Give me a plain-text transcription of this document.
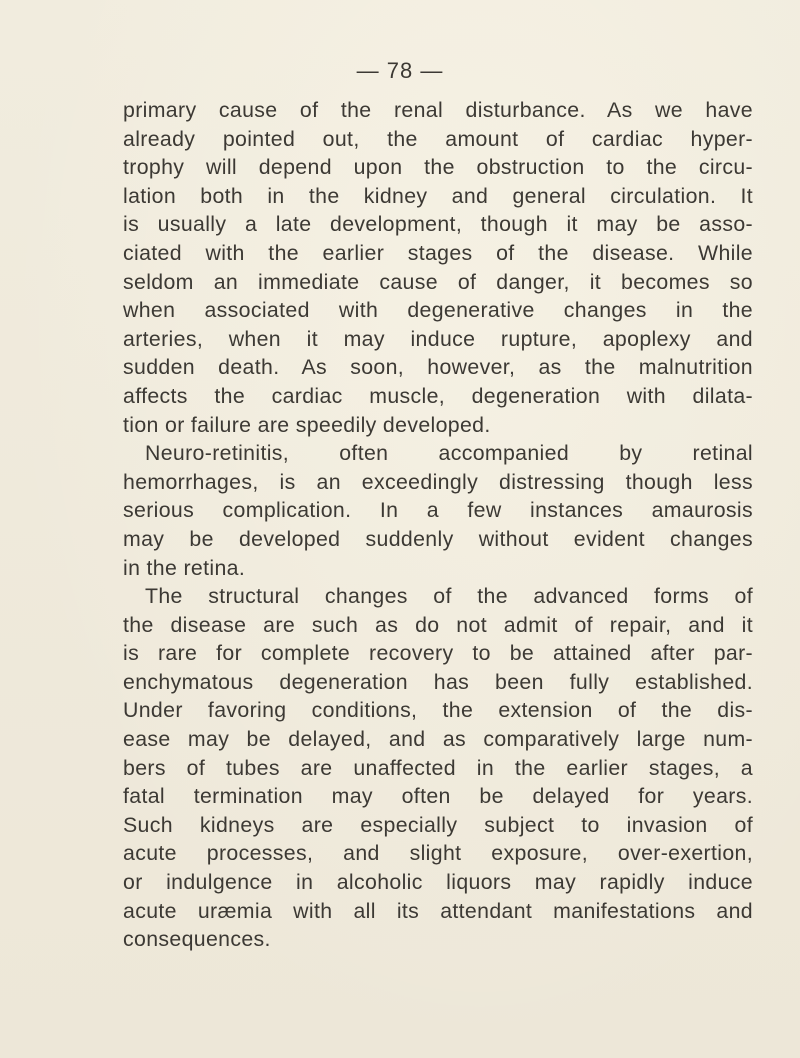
— 78 —
primary cause of the renal disturbance. As we have
already pointed out, the amount of cardiac hyper-
trophy will depend upon the obstruction to the circu-
lation both in the kidney and general circulation. It
is usually a late development, though it may be asso-
ciated with the earlier stages of the disease. While
seldom an immediate cause of danger, it becomes so
when associated with degenerative changes in the
arteries, when it may induce rupture, apoplexy and
sudden death. As soon, however, as the malnutrition
affects the cardiac muscle, degeneration with dilata-
tion or failure are speedily developed.
Neuro-retinitis, often accompanied by retinal
hemorrhages, is an exceedingly distressing though less
serious complication. In a few instances amaurosis
may be developed suddenly without evident changes
in the retina.
The structural changes of the advanced forms of
the disease are such as do not admit of repair, and it
is rare for complete recovery to be attained after par-
enchymatous degeneration has been fully established.
Under favoring conditions, the extension of the dis-
ease may be delayed, and as comparatively large num-
bers of tubes are unaffected in the earlier stages, a
fatal termination may often be delayed for years.
Such kidneys are especially subject to invasion of
acute processes, and slight exposure, over-exertion,
or indulgence in alcoholic liquors may rapidly induce
acute uræmia with all its attendant manifestations and
consequences.
